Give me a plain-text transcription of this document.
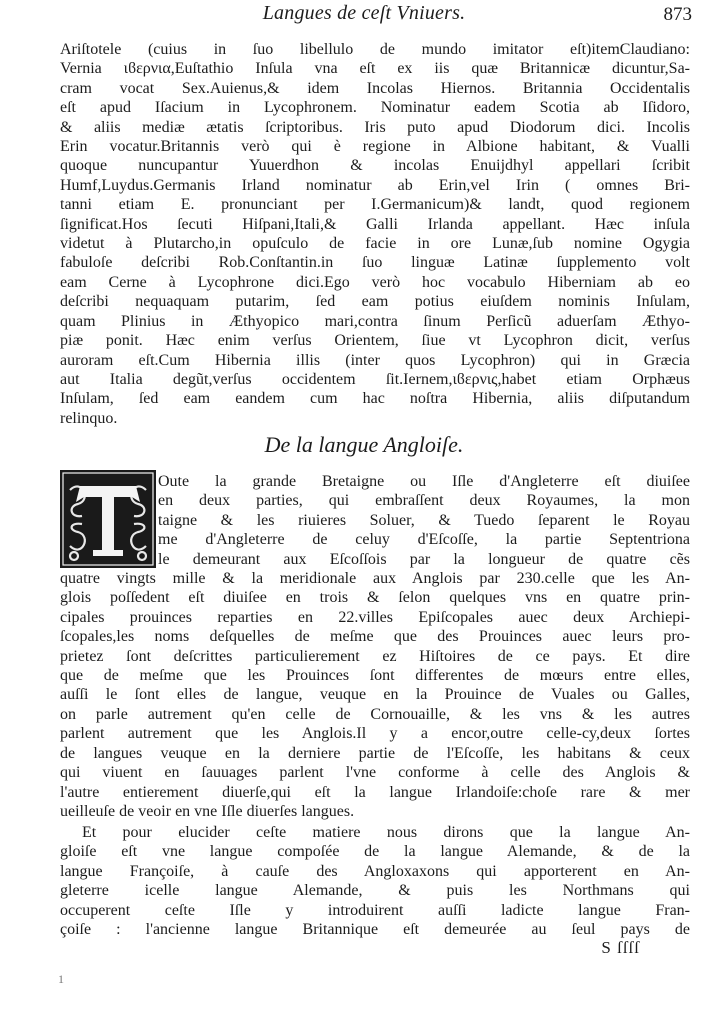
Langues de ceſt Vniuers.	873
Ariſtotele (cuius in ſuo libellulo de mundo imitator eſt)itemClaudiano:
Vernia ιϐερνια,Euſtathio Inſula vna eſt ex iis quæ Britannicæ dicuntur,Sa-
cram vocat Sex.Auienus,& idem Incolas Hiernos. Britannia Occidentalis
eſt apud Iſacium in Lycophronem. Nominatur eadem Scotia ab Iſidoro,
& aliis mediæ ætatis ſcriptoribus. Iris puto apud Diodorum dici. Incolis
Erin vocatur.Britannis verò qui è regione in Albione habitant, & Vualli
quoque nuncupantur Yuuerdhon & incolas Enuijdhyl appellari ſcribit
Humf,Luydus.Germanis Irland nominatur ab Erin,vel Irin ( omnes Bri-
tanni etiam E. pronunciant per I.Germanicum)& landt, quod regionem
ſignificat.Hos ſecuti Hiſpani,Itali,& Galli Irlanda appellant. Hæc inſula
videtut à Plutarcho,in opuſculo de facie in ore Lunæ,ſub nomine Ogygia
fabuloſe deſcribi Rob.Conſtantin.in ſuo linguæ Latinæ ſupplemento volt
eam Cerne à Lycophrone dici.Ego verò hoc vocabulo Hiberniam ab eo
deſcribi nequaquam putarim, ſed eam potius eiuſdem nominis Inſulam,
quam Plinius in Æthyopico mari,contra ſinum Perſicũ aduerſam Æthyo-
piæ ponit. Hæc enim verſus Orientem, ſiue vt Lycophron dicit, verſus
auroram eſt.Cum Hibernia illis (inter quos Lycophron) qui in Græcia
aut Italia degũt,verſus occidentem ſit.Iernem,ιϐερνις,habet etiam Orphæus
Inſulam, ſed eam eandem cum hac noſtra Hibernia, aliis diſputandum
relinquo.
De la langue Angloiſe.
Oute la grande Bretaigne ou Iſle d'Angleterre eſt diuiſee
en deux parties, qui embraſſent deux Royaumes, la mon
taigne & les riuieres Soluer, & Tuedo ſeparent le Royau
me d'Angleterre de celuy d'Eſcoſſe, la partie Septentriona
le demeurant aux Eſcoſſois par la longueur de quatre cẽs
quatre vingts mille & la meridionale aux Anglois par 230.celle que les An-
glois poſſedent eſt diuiſee en trois & ſelon quelques vns en quatre prin-
cipales prouinces reparties en 22.villes Epiſcopales auec deux Archiepi-
ſcopales,les noms deſquelles de meſme que des Prouinces auec leurs pro-
prietez ſont deſcrittes particulierement ez Hiſtoires de ce pays. Et dire
que de meſme que les Prouinces ſont differentes de mœurs entre elles,
auſſi le ſont elles de langue, veuque en la Prouince de Vuales ou Galles,
on parle autrement qu'en celle de Cornouaille, & les vns & les autres
parlent autrement que les Anglois.Il y a encor,outre celle-cy,deux ſortes
de langues veuque en la derniere partie de l'Eſcoſſe, les habitans & ceux
qui viuent en ſauuages parlent l'vne conforme à celle des Anglois &
l'autre entierement diuerſe,qui eſt la langue Irlandoiſe:choſe rare & mer
ueilleuſe de veoir en vne Iſle diuerſes langues.
Et pour elucider ceſte matiere nous dirons que la langue An-
gloiſe eſt vne langue compoſée de la langue Alemande, & de la
langue Françoiſe, à cauſe des Angloxaxons qui apporterent en An-
gleterre icelle langue Alemande, & puis les Northmans qui
occuperent ceſte Iſle y introduirent auſſi ladicte langue Fran-
çoiſe : l'ancienne langue Britannique eſt demeurée au ſeul pays de
S ſſſſ
1
